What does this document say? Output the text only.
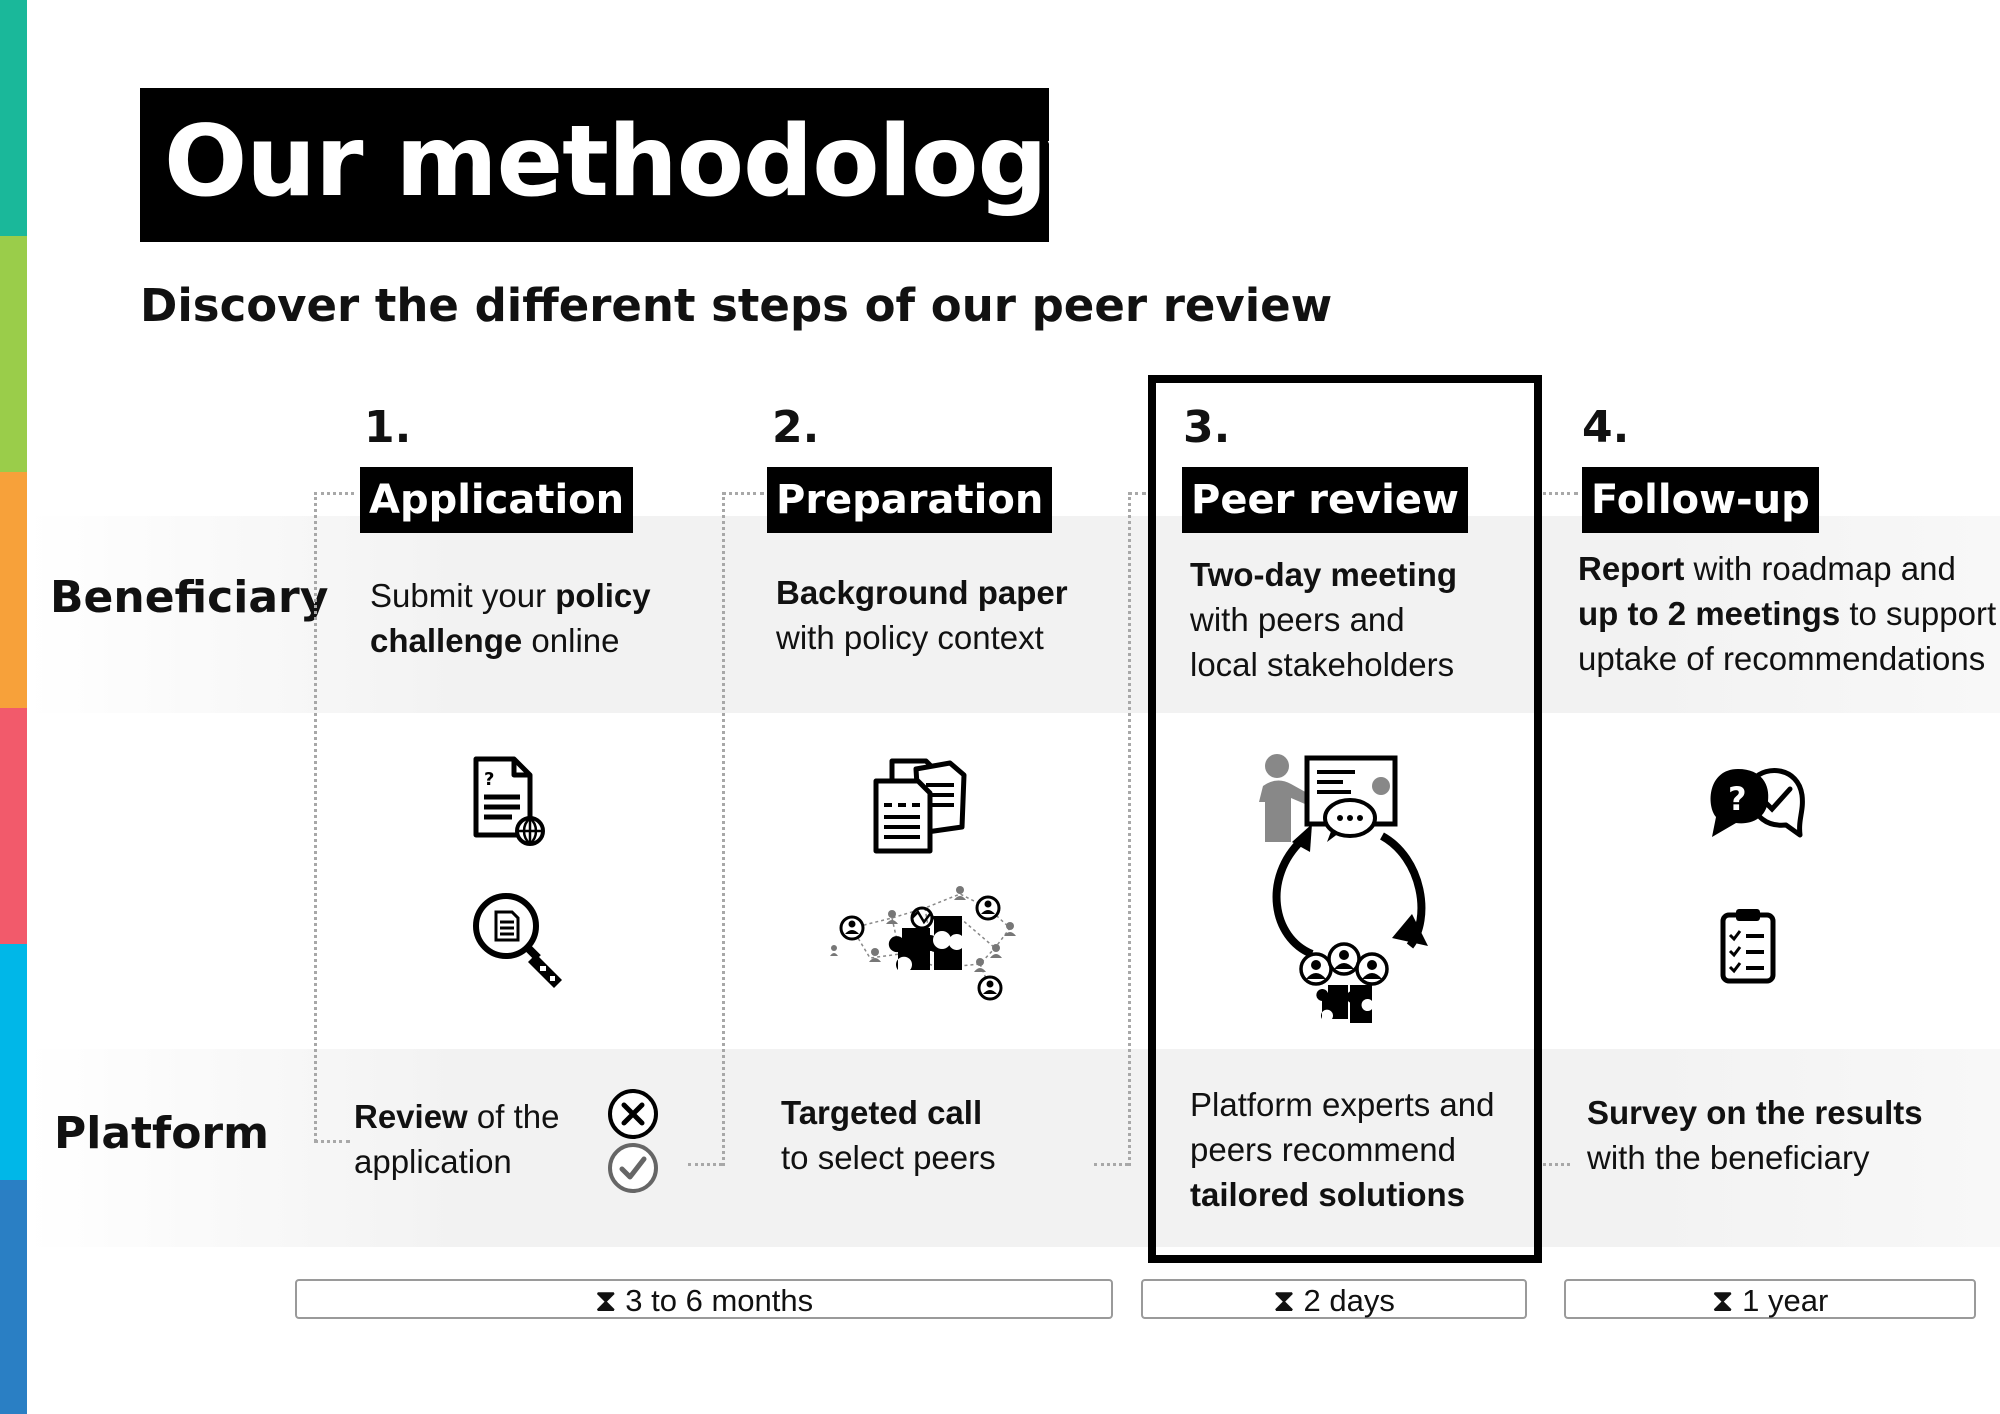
Our methodology
Discover the different steps of our peer review
Beneficiary
Platform
1.
Application
2.
Preparation
3.
Peer review
4.
Follow-up
Submit your policy
challenge online
Background paper
with policy context
Two-day meeting
with peers and
local stakeholders
Report with roadmap and
up to 2 meetings to support
uptake of recommendations
Review of the
application
Targeted call
to select peers
Platform experts and
peers recommend
tailored solutions
Survey on the results
with the beneficiary
?
?
⧗ 3 to 6 months	⧗ 2 days	⧗ 1 year
